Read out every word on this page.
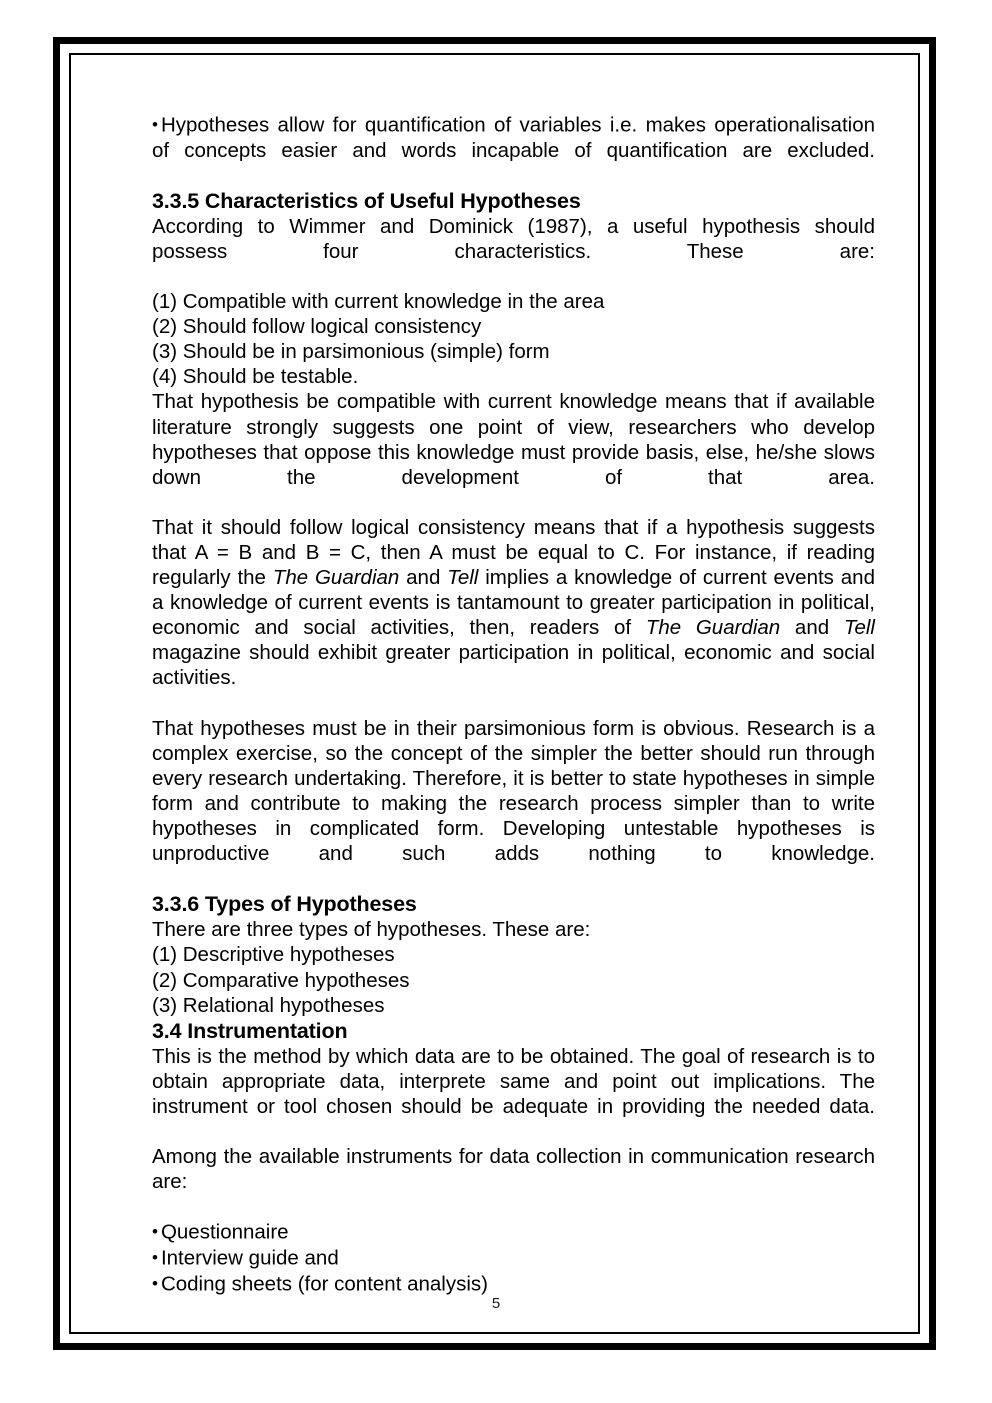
• Hypotheses allow for quantification of variables i.e. makes operationalisation of concepts easier and words incapable of quantification are excluded.

3.3.5 Characteristics of Useful Hypotheses

According to Wimmer and Dominick (1987), a useful hypothesis should possess four characteristics. These are:

(1) Compatible with current knowledge in the area

(2) Should follow logical consistency

(3) Should be in parsimonious (simple) form

(4) Should be testable.

That hypothesis be compatible with current knowledge means that if available literature strongly suggests one point of view, researchers who develop hypotheses that oppose this knowledge must provide basis, else, he/she slows down the development of that area.

That it should follow logical consistency means that if a hypothesis suggests that A = B and B = C, then A must be equal to C. For instance, if reading regularly the The Guardian and Tell implies a knowledge of current events and a knowledge of current events is tantamount to greater participation in political, economic and social activities, then, readers of The Guardian and Tell magazine should exhibit greater participation in political, economic and social activities.

That hypotheses must be in their parsimonious form is obvious. Research is a complex exercise, so the concept of the simpler the better should run through every research undertaking. Therefore, it is better to state hypotheses in simple form and contribute to making the research process simpler than to write hypotheses in complicated form. Developing untestable hypotheses is unproductive and such adds nothing to knowledge.

3.3.6 Types of Hypotheses

There are three types of hypotheses. These are:

(1) Descriptive hypotheses

(2) Comparative hypotheses

(3) Relational hypotheses

3.4 Instrumentation

This is the method by which data are to be obtained. The goal of research is to obtain appropriate data, interprete same and point out implications. The instrument or tool chosen should be adequate in providing the needed data.

Among the available instruments for data collection in communication research are:

• Questionnaire

• Interview guide and

• Coding sheets (for content analysis)

5
